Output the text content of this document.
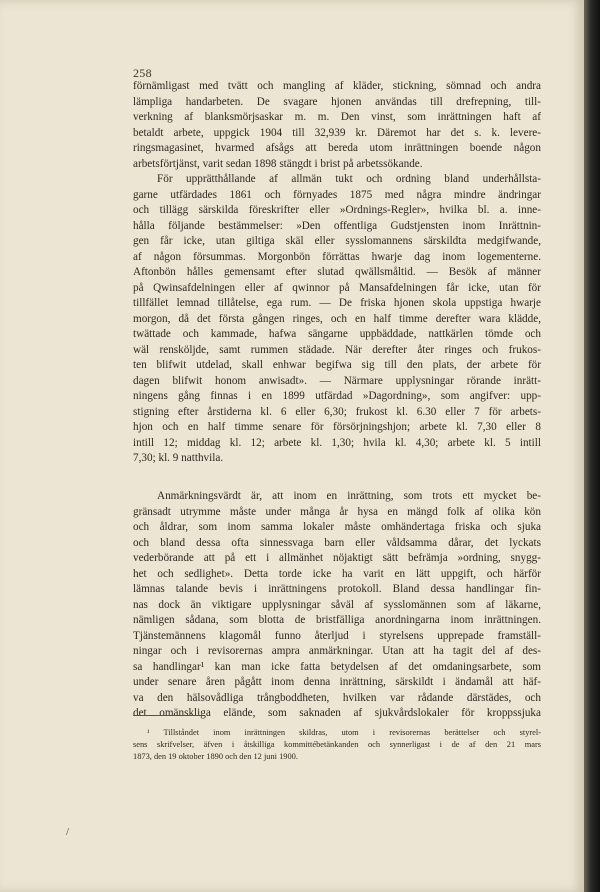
258
förnämligast med tvätt och mangling af kläder, stickning, sömnad och andra
lämpliga handarbeten. De svagare hjonen användas till drefrepning, till-
verkning af blanksmörjsaskar m. m. Den vinst, som inrättningen haft af
betaldt arbete, uppgick 1904 till 32,939 kr. Däremot har det s. k. levere-
ringsmagasinet, hvarmed afsågs att bereda utom inrättningen boende någon
arbetsförtjänst, varit sedan 1898 stängdt i brist på arbetssökande.
För upprätthållande af allmän tukt och ordning bland underhållsta-
garne utfärdades 1861 och förnyades 1875 med några mindre ändringar
och tillägg särskilda föreskrifter eller »Ordnings-Regler», hvilka bl. a. inne-
hålla följande bestämmelser: »Den offentliga Gudstjensten inom Inrättnin-
gen får icke, utan giltiga skäl eller sysslomannens särskildta medgifwande,
af någon försummas. Morgonbön förrättas hwarje dag inom logementerne.
Aftonbön hålles gemensamt efter slutad qwällsmåltid. — Besök af männer
på Qwinsafdelningen eller af qwinnor på Mansafdelningen får icke, utan för
tillfället lemnad tillåtelse, ega rum. — De friska hjonen skola uppstiga hwarje
morgon, då det första gången ringes, och en half timme derefter wara klädde,
twättade och kammade, hafwa sängarne uppbäddade, nattkärlen tömde och
wäl rensköljde, samt rummen städade. När derefter åter ringes och frukos-
ten blifwit utdelad, skall enhwar begifwa sig till den plats, der arbete för
dagen blifwit honom anwisadt». — Närmare upplysningar rörande inrätt-
ningens gång finnas i en 1899 utfärdad »Dagordning», som angifver: upp-
stigning efter årstiderna kl. 6 eller 6,30; frukost kl. 6.30 eller 7 för arbets-
hjon och en half timme senare för försörjningshjon; arbete kl. 7,30 eller 8
intill 12; middag kl. 12; arbete kl. 1,30; hvila kl. 4,30; arbete kl. 5 intill
7,30; kl. 9 natthvila.
Anmärkningsvärdt är, att inom en inrättning, som trots ett mycket be-
gränsadt utrymme måste under många år hysa en mängd folk af olika kön
och åldrar, som inom samma lokaler måste omhändertaga friska och sjuka
och bland dessa ofta sinnessvaga barn eller våldsamma dårar, det lyckats
vederbörande att på ett i allmänhet nöjaktigt sätt befrämja »ordning, snygg-
het och sedlighet». Detta torde icke ha varit en lätt uppgift, och härför
lämnas talande bevis i inrättningens protokoll. Bland dessa handlingar fin-
nas dock än viktigare upplysningar såväl af sysslomännen som af läkarne,
nämligen sådana, som blotta de bristfälliga anordningarna inom inrättningen.
Tjänstemännens klagomål funno återljud i styrelsens upprepade framställ-
ningar och i revisorernas ampra anmärkningar. Utan att ha tagit del af des-
sa handlingar¹ kan man icke fatta betydelsen af det omdaningsarbete, som
under senare åren pågått inom denna inrättning, särskildt i ändamål att häf-
va den hälsovådliga trångboddheten, hvilken var rådande därstädes, och
det omänskliga elände, som saknaden af sjukvårdslokaler för kroppssjuka
¹ Tillståndet inom inrättningen skildras, utom i revisorernas berättelser och styrel-
sens skrifvelser, äfven i åtskilliga kommittébetänkanden och synnerligast i de af den 21 mars
1873, den 19 oktober 1890 och den 12 juni 1900.
/
